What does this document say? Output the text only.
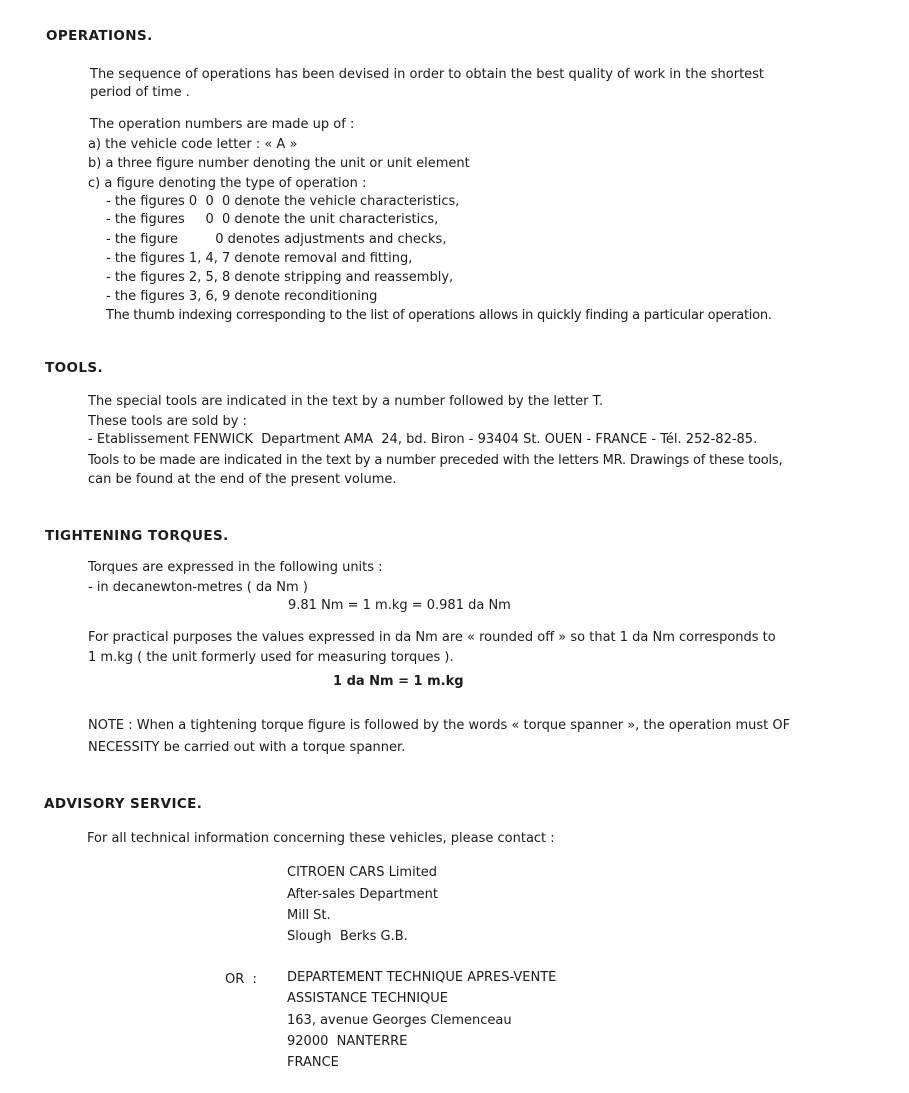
OPERATIONS.
The sequence of operations has been devised in order to obtain the best quality of work in the shortest
period of time .
The operation numbers are made up of :
a) the vehicle code letter : « A »
b) a three figure number denoting the unit or unit element
c) a figure denoting the type of operation :
- the figures 0  0  0 denote the vehicle characteristics,
- the figures     0  0 denote the unit characteristics,
- the figure         0 denotes adjustments and checks,
- the figures 1, 4, 7 denote removal and fitting,
- the figures 2, 5, 8 denote stripping and reassembly,
- the figures 3, 6, 9 denote reconditioning
The thumb indexing corresponding to the list of operations allows in quickly finding a particular operation.
TOOLS.
The special tools are indicated in the text by a number followed by the letter T.
These tools are sold by :
- Etablissement FENWICK  Department AMA  24, bd. Biron - 93404 St. OUEN - FRANCE - Tél. 252-82-85.
Tools to be made are indicated in the text by a number preceded with the letters MR. Drawings of these tools,
can be found at the end of the present volume.
TIGHTENING TORQUES.
Torques are expressed in the following units :
- in decanewton-metres ( da Nm )
9.81 Nm = 1 m.kg = 0.981 da Nm
For practical purposes the values expressed in da Nm are « rounded off » so that 1 da Nm corresponds to
1 m.kg ( the unit formerly used for measuring torques ).
1 da Nm = 1 m.kg
NOTE : When a tightening torque figure is followed by the words « torque spanner », the operation must OF
NECESSITY be carried out with a torque spanner.
ADVISORY SERVICE.
For all technical information concerning these vehicles, please contact :
CITROEN CARS Limited
After-sales Department
Mill St.
Slough  Berks G.B.
OR  : DEPARTEMENT TECHNIQUE APRES-VENTE
ASSISTANCE TECHNIQUE
163, avenue Georges Clemenceau
92000  NANTERRE
FRANCE
